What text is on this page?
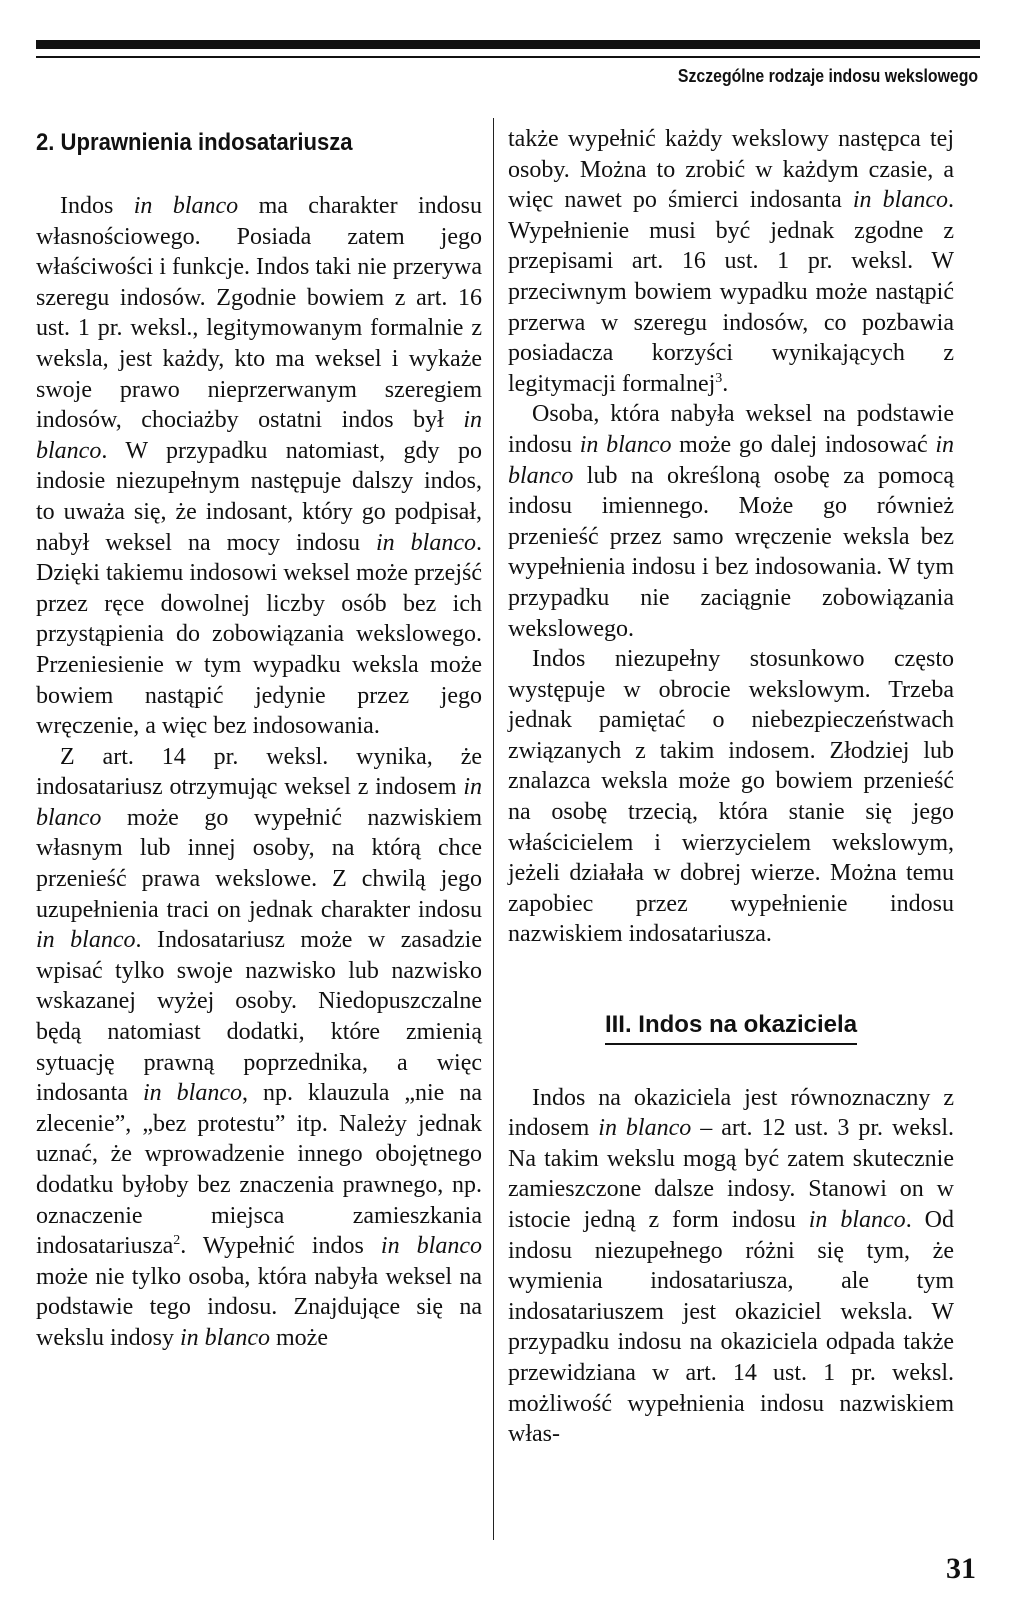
Szczególne rodzaje indosu wekslowego
2. Uprawnienia indosatariusza

Indos in blanco ma charakter indosu własnościowego. Posiada zatem jego właściwości i funkcje. Indos taki nie przerywa szeregu indosów. Zgodnie bowiem z art. 16 ust. 1 pr. weksl., legitymowanym formalnie z weksla, jest każdy, kto ma weksel i wykaże swoje prawo nieprzerwanym szeregiem indosów, chociażby ostatni indos był in blanco. W przypadku natomiast, gdy po indosie niezupełnym następuje dalszy indos, to uważa się, że indosant, który go podpisał, nabył weksel na mocy indosu in blanco. Dzięki takiemu indosowi weksel może przejść przez ręce dowolnej liczby osób bez ich przystąpienia do zobowiązania wekslowego. Przeniesienie w tym wypadku weksla może bowiem nastąpić jedynie przez jego wręczenie, a więc bez indosowania.

Z art. 14 pr. weksl. wynika, że indosatariusz otrzymując weksel z indosem in blanco może go wypełnić nazwiskiem własnym lub innej osoby, na którą chce przenieść prawa wekslowe. Z chwilą jego uzupełnienia traci on jednak charakter indosu in blanco. Indosatariusz może w zasadzie wpisać tylko swoje nazwisko lub nazwisko wskazanej wyżej osoby. Niedopuszczalne będą natomiast dodatki, które zmienią sytuację prawną poprzednika, a więc indosanta in blanco, np. klauzula „nie na zlecenie”, „bez protestu” itp. Należy jednak uznać, że wprowadzenie innego obojętnego dodatku byłoby bez znaczenia prawnego, np. oznaczenie miejsca zamieszkania indosatariusza$^2$. Wypełnić indos in blanco może nie tylko osoba, która nabyła weksel na podstawie tego indosu. Znajdujące się na wekslu indosy in blanco może

także wypełnić każdy wekslowy następca tej osoby. Można to zrobić w każdym czasie, a więc nawet po śmierci indosanta in blanco. Wypełnienie musi być jednak zgodne z przepisami art. 16 ust. 1 pr. weksl. W przeciwnym bowiem wypadku może nastąpić przerwa w szeregu indosów, co pozbawia posiadacza korzyści wynikających z legitymacji formalnej$^3$.

Osoba, która nabyła weksel na podstawie indosu in blanco może go dalej indosować in blanco lub na określoną osobę za pomocą indosu imiennego. Może go również przenieść przez samo wręczenie weksla bez wypełnienia indosu i bez indosowania. W tym przypadku nie zaciągnie zobowiązania wekslowego.

Indos niezupełny stosunkowo często występuje w obrocie wekslowym. Trzeba jednak pamiętać o niebezpieczeństwach związanych z takim indosem. Złodziej lub znalazca weksla może go bowiem przenieść na osobę trzecią, która stanie się jego właścicielem i wierzycielem wekslowym, jeżeli działała w dobrej wierze. Można temu zapobiec przez wypełnienie indosu nazwiskiem indosatariusza.

III. Indos na okaziciela

Indos na okaziciela jest równoznaczny z indosem in blanco – art. 12 ust. 3 pr. weksl. Na takim wekslu mogą być zatem skutecznie zamieszczone dalsze indosy. Stanowi on w istocie jedną z form indosu in blanco. Od indosu niezupełnego różni się tym, że wymienia indosatariusza, ale tym indosatariuszem jest okaziciel weksla. W przypadku indosu na okaziciela odpada także przewidziana w art. 14 ust. 1 pr. weksl. możliwość wypełnienia indosu nazwiskiem włas-

31
